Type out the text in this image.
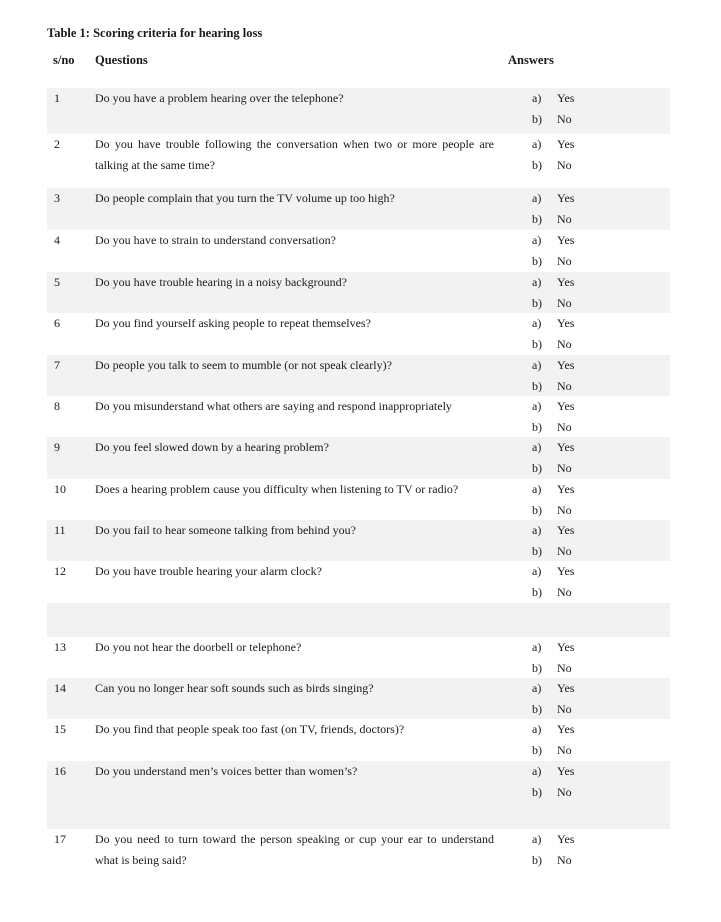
Table 1: Scoring criteria for hearing loss
s/no Questions	Answers
1	Do you have a problem hearing over the telephone?	a) Yes
b) No
2	Do you have trouble following the conversation when two or more people are talking at the same time?
a) Yes
b) No
3	Do people complain that you turn the TV volume up too high?	a) Yes
b) No
4	Do you have to strain to understand conversation?	a) Yes
b) No
5	Do you have trouble hearing in a noisy background?	a) Yes
b) No
6	Do you find yourself asking people to repeat themselves?	a) Yes
b) No
7	Do people you talk to seem to mumble (or not speak clearly)?	a) Yes
b) No
8	Do you misunderstand what others are saying and respond inappropriately	a) Yes
b) No
9	Do you feel slowed down by a hearing problem?	a) Yes
b) No
10 Does a hearing problem cause you difficulty when listening to TV or radio?	a) Yes
b) No
11 Do you fail to hear someone talking from behind you?	a) Yes
b) No
12 Do you have trouble hearing your alarm clock?	a) Yes
b) No
13 Do you not hear the doorbell or telephone?	a) Yes
b) No
14 Can you no longer hear soft sounds such as birds singing?	a) Yes
b) No
15 Do you find that people speak too fast (on TV, friends, doctors)?	a) Yes
b) No
16 Do you understand men’s voices better than women’s?	a) Yes
b) No
17 Do you need to turn toward the person speaking or cup your ear to understand what is being said?
a) Yes
b) No
